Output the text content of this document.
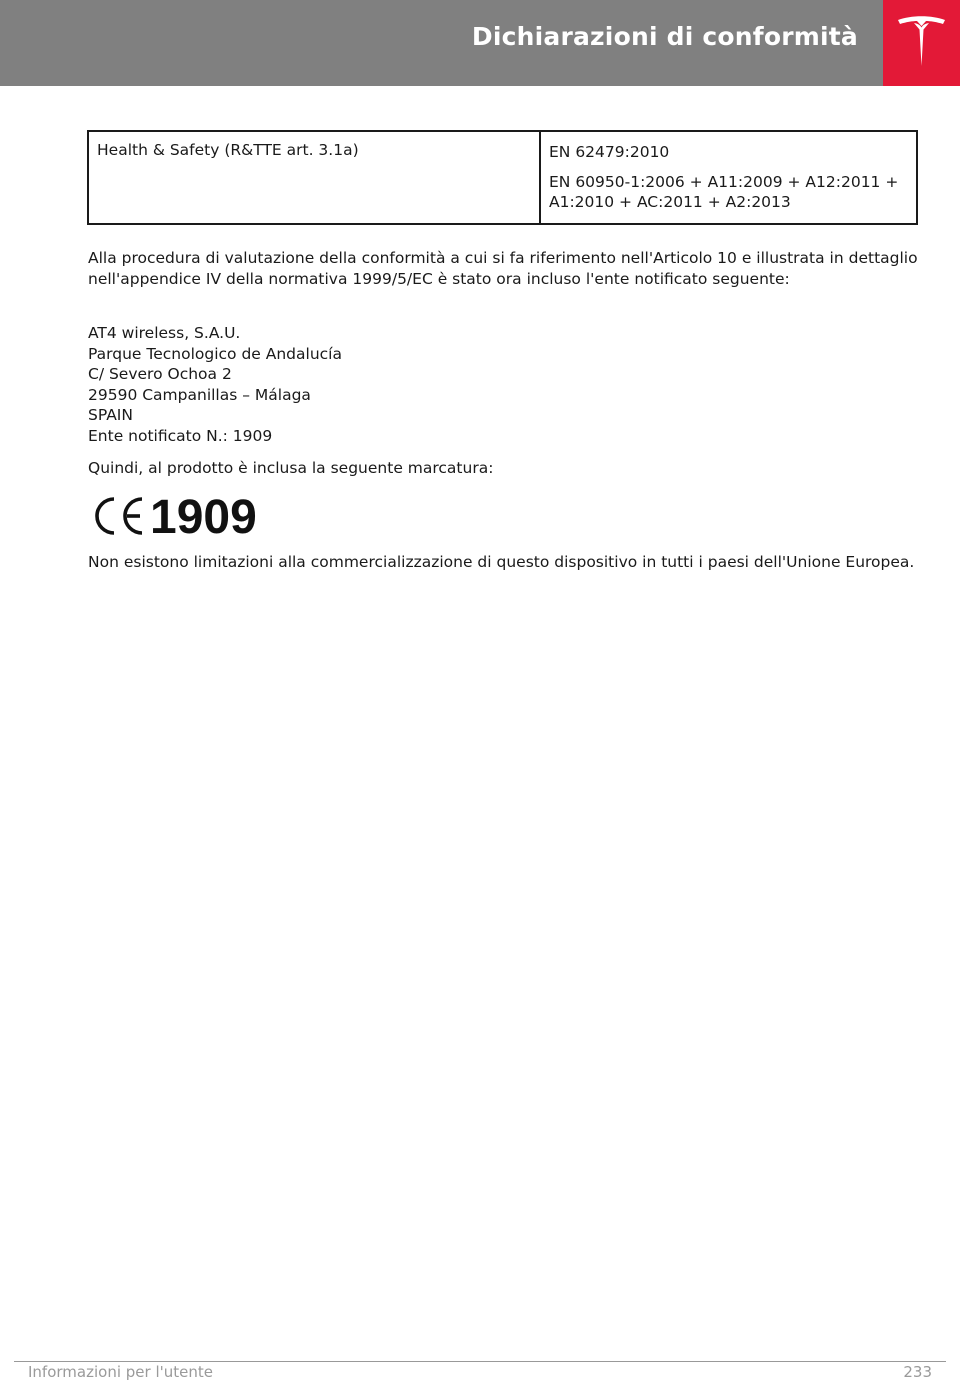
Dichiarazioni di conformità
Health & Safety (R&TTE art. 3.1a)	EN 62479:2010

EN 60950-1:2006 + A11:2009 + A12:2011 + A1:2010 + AC:2011 + A2:2013

Alla procedura di valutazione della conformità a cui si fa riferimento nell'Articolo 10 e illustrata in dettaglio nell'appendice IV della normativa 1999/5/EC è stato ora incluso l'ente notificato seguente:

AT4 wireless, S.A.U.
Parque Tecnologico de Andalucía
C/ Severo Ochoa 2
29590 Campanillas – Málaga
SPAIN
Ente notificato N.: 1909

Quindi, al prodotto è inclusa la seguente marcatura:

1909

Non esistono limitazioni alla commercializzazione di questo dispositivo in tutti i paesi dell'Unione Europea.

Informazioni per l'utente	233
